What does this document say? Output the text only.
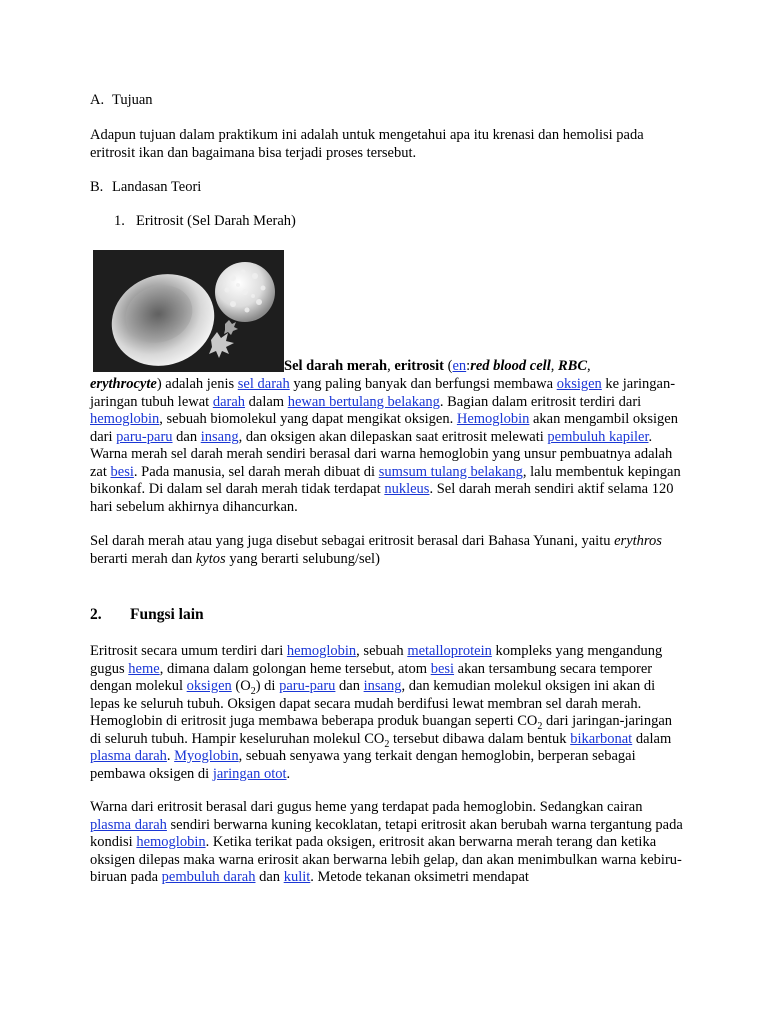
A. Tujuan

Adapun tujuan dalam praktikum ini adalah untuk mengetahui apa itu krenasi dan hemolisi pada eritrosit ikan dan bagaimana bisa terjadi proses tersebut.

B. Landasan Teori
1. Eritrosit (Sel Darah Merah)
Sel darah merah, eritrosit (en:red blood cell, RBC,

erythrocyte) adalah jenis sel darah yang paling banyak dan berfungsi membawa oksigen ke jaringan-jaringan tubuh lewat darah dalam hewan bertulang belakang. Bagian dalam eritrosit terdiri dari hemoglobin, sebuah biomolekul yang dapat mengikat oksigen. Hemoglobin akan mengambil oksigen dari paru-paru dan insang, dan oksigen akan dilepaskan saat eritrosit melewati pembuluh kapiler. Warna merah sel darah merah sendiri berasal dari warna hemoglobin yang unsur pembuatnya adalah zat besi. Pada manusia, sel darah merah dibuat di sumsum tulang belakang, lalu membentuk kepingan bikonkaf. Di dalam sel darah merah tidak terdapat nukleus. Sel darah merah sendiri aktif selama 120 hari sebelum akhirnya dihancurkan.

Sel darah merah atau yang juga disebut sebagai eritrosit berasal dari Bahasa Yunani, yaitu erythros berarti merah dan kytos yang berarti selubung/sel)

2. Fungsi lain

Eritrosit secara umum terdiri dari hemoglobin, sebuah metalloprotein kompleks yang mengandung gugus heme, dimana dalam golongan heme tersebut, atom besi akan tersambung secara temporer dengan molekul oksigen $(O_2)$ di paru-paru dan insang, dan kemudian molekul oksigen ini akan di lepas ke seluruh tubuh. Oksigen dapat secara mudah berdifusi lewat membran sel darah merah. Hemoglobin di eritrosit juga membawa beberapa produk buangan seperti $CO_2$ dari jaringan-jaringan di seluruh tubuh. Hampir keseluruhan molekul $CO_2$ tersebut dibawa dalam bentuk bikarbonat dalam plasma darah. Myoglobin, sebuah senyawa yang terkait dengan hemoglobin, berperan sebagai pembawa oksigen di jaringan otot.

Warna dari eritrosit berasal dari gugus heme yang terdapat pada hemoglobin. Sedangkan cairan plasma darah sendiri berwarna kuning kecoklatan, tetapi eritrosit akan berubah warna tergantung pada kondisi hemoglobin. Ketika terikat pada oksigen, eritrosit akan berwarna merah terang dan ketika oksigen dilepas maka warna erirosit akan berwarna lebih gelap, dan akan menimbulkan warna kebiru-biruan pada pembuluh darah dan kulit. Metode tekanan oksimetri mendapat
